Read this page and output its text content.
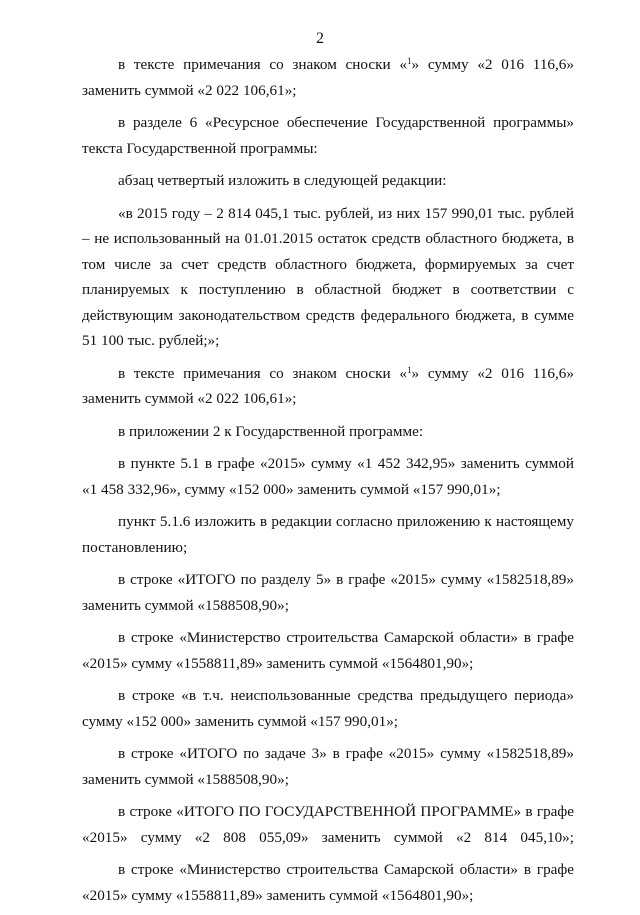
2

в тексте примечания со знаком сноски «$^1$» сумму «2 016 116,6» заменить суммой «2 022 106,61»;

в разделе 6 «Ресурсное обеспечение Государственной программы» текста Государственной программы:

абзац четвертый изложить в следующей редакции:

«в 2015 году – 2 814 045,1 тыс. рублей, из них 157 990,01 тыс. рублей – не использованный на 01.01.2015 остаток средств областного бюджета, в том числе за счет средств областного бюджета, формируемых за счет планируемых к поступлению в областной бюджет в соответствии с действующим законодательством средств федерального бюджета, в сумме 51 100 тыс. рублей;»;

в тексте примечания со знаком сноски «$^1$» сумму «2 016 116,6» заменить суммой «2 022 106,61»;

в приложении 2 к Государственной программе:

в пункте 5.1 в графе «2015» сумму «1 452 342,95» заменить суммой «1 458 332,96», сумму «152 000» заменить суммой «157 990,01»;

пункт 5.1.6 изложить в редакции согласно приложению к настоящему постановлению;

в строке «ИТОГО по разделу 5» в графе «2015» сумму «1582518,89» заменить суммой «1588508,90»;

в строке «Министерство строительства Самарской области» в графе «2015» сумму «1558811,89» заменить суммой «1564801,90»;

в строке «в т.ч. неиспользованные средства предыдущего периода» сумму «152 000» заменить суммой «157 990,01»;

в строке «ИТОГО по задаче 3» в графе «2015» сумму «1582518,89» заменить суммой «1588508,90»;

в строке «ИТОГО ПО ГОСУДАРСТВЕННОЙ ПРОГРАММЕ» в графе «2015» сумму «2 808 055,09» заменить суммой «2 814 045,10»;

в строке «Министерство строительства Самарской области» в графе «2015» сумму «1558811,89» заменить суммой «1564801,90»;
